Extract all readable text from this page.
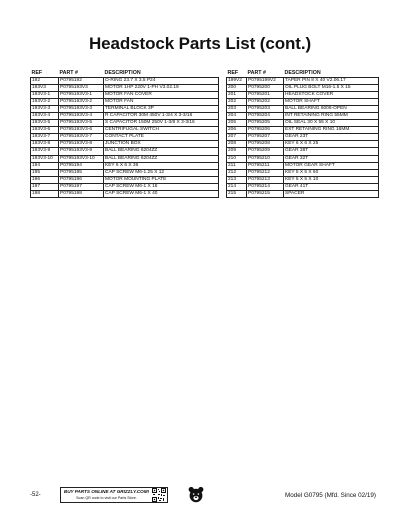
Headstock Parts List (cont.)
REF	PART #	DESCRIPTION
192	P0795192	O-RING 23.7 X 3.5 P24
193V3	P0795193V3	MOTOR 1HP 220V 1-PH V3.02.19
193V3-1	P0795193V3-1	MOTOR FAN COVER
193V3-2	P0795193V3-2	MOTOR FAN
193V3-3	P0795193V3-3	TERMINAL BLOCK 3P
193V3-4	P0795193V3-4	R CAPACITOR 30M 450V 1-3/4 X 3-3/16
193V3-5	P0795193V3-5	S CAPACITOR 150M 250V 1-3/8 X 3-3/16
193V3-6	P0795193V3-6	CENTRIFUGAL SWITCH
193V3-7	P0795193V3-7	CONTACT PLATE
193V3-8	P0795193V3-8	JUNCTION BOX
193V3-9	P0795193V3-9	BALL BEARING 6204ZZ
193V3-10	P0795193V3-10	BALL BEARING 6204ZZ
194	P0795194	KEY 6 X 6 X 36
195	P0795195	CAP SCREW M6-1.25 X 12
196	P0795196	MOTOR MOUNTING PLATE
197	P0795197	CAP SCREW M6-1 X 16
198	P0795198	CAP SCREW M6-1 X 40
REF	PART #	DESCRIPTION
199V2	P0795199V2	TAPER PIN 8 X 40 V2.06.17
200	P0795200	OIL PLUG BOLT M16-1.5 X 15
201	P0795201	HEADSTOCK COVER
202	P0795202	MOTOR SHAFT
203	P0795203	BALL BEARING 6006-OPEN
204	P0795204	INT RETAINING RING 55MM
205	P0795205	OIL SEAL 30 X 55 X 10
206	P0795206	EXT RETAINING RING 16MM
207	P0795207	GEAR 23T
208	P0795208	KEY 6 X 6 X 25
209	P0795209	GEAR 38T
210	P0795210	GEAR 32T
211	P0795211	MOTOR GEAR SHAFT
212	P0795212	KEY 5 X 5 X 60
213	P0795213	KEY 5 X 5 X 10
214	P0795214	GEAR 41T
215	P0795215	SPACER
-52-
BUY PARTS ONLINE AT GRIZZLY.COM!
Scan QR code to visit our Parts Store.	Model G0795 (Mfd. Since 02/19)
